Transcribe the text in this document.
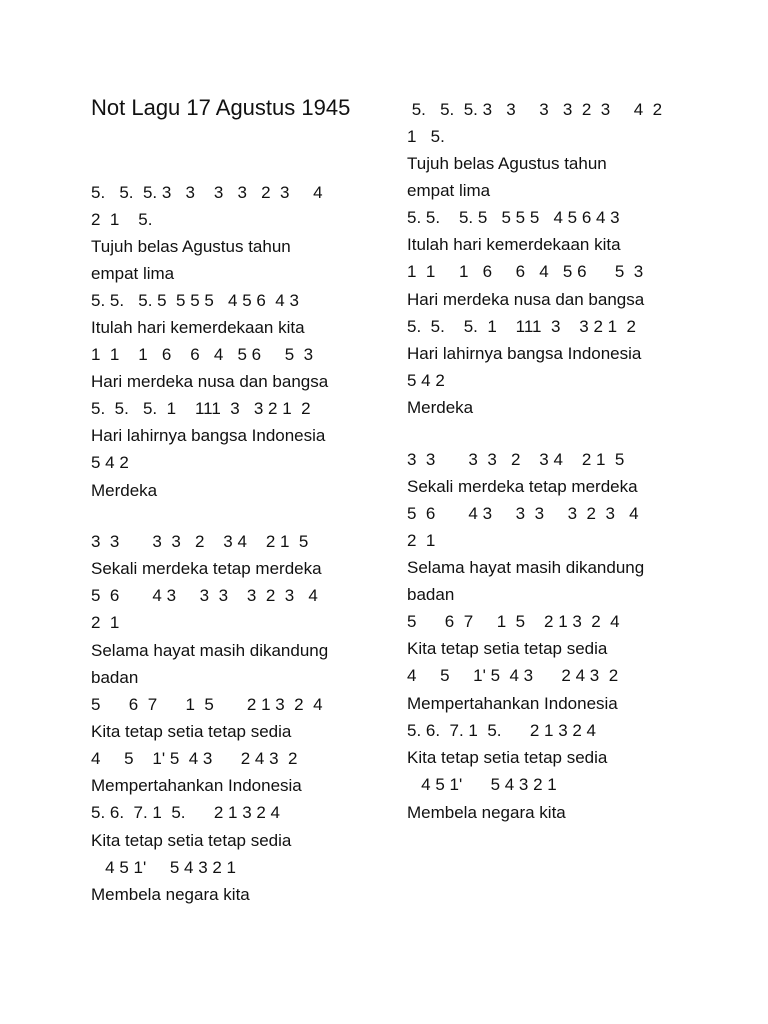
Not Lagu 17 Agustus 1945
5.   5.  5. 3   3    3   3   2  3     4
2  1    5.
Tujuh belas Agustus tahun
empat lima
5. 5.   5. 5  5 5 5   4 5 6  4 3
Itulah hari kemerdekaan kita
1  1    1   6    6   4   5 6     5  3
Hari merdeka nusa dan bangsa
5.  5.   5.  1    111  3   3 2 1  2
Hari lahirnya bangsa Indonesia
5 4 2
Merdeka
3  3       3  3   2    3 4    2 1  5
Sekali merdeka tetap merdeka
5  6       4 3     3  3    3  2  3   4
2  1
Selama hayat masih dikandung
badan
5      6  7      1  5       2 1 3  2  4
Kita tetap setia tetap sedia
4     5    1' 5  4 3      2 4 3  2
Mempertahankan Indonesia
5. 6.  7. 1  5.      2 1 3 2 4
Kita tetap setia tetap sedia
4 5 1'     5 4 3 2 1
Membela negara kita
5.   5.  5. 3   3     3   3  2  3     4  2
1   5.
Tujuh belas Agustus tahun
empat lima
5. 5.    5. 5   5 5 5   4 5 6 4 3
Itulah hari kemerdekaan kita
1  1     1   6     6   4   5 6      5  3
Hari merdeka nusa dan bangsa
5.  5.    5.  1    111  3    3 2 1  2
Hari lahirnya bangsa Indonesia
5 4 2
Merdeka
3  3       3  3   2    3 4    2 1  5
Sekali merdeka tetap merdeka
5  6       4 3     3  3     3  2  3   4
2  1
Selama hayat masih dikandung
badan
5      6  7     1  5    2 1 3  2  4
Kita tetap setia tetap sedia
4     5     1' 5  4 3      2 4 3  2
Mempertahankan Indonesia
5. 6.  7. 1  5.      2 1 3 2 4
Kita tetap setia tetap sedia
4 5 1'      5 4 3 2 1
Membela negara kita
